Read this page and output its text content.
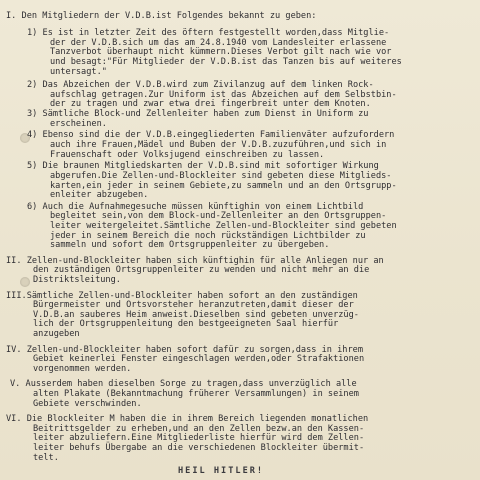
I. Den Mitgliedern der V.D.B.ist Folgendes bekannt zu geben:
1) Es ist in letzter Zeit des öftern festgestellt worden,dass Mitglie-
der der V.D.B.sich um das am 24.8.1940 vom Landesleiter erlassene
Tanzverbot überhaupt nicht kümmern.Dieses Verbot gilt nach wie vor
und besagt:"Für Mitglieder der V.D.B.ist das Tanzen bis auf weiteres
untersagt."
2) Das Abzeichen der V.D.B.wird zum Zivilanzug auf dem linken Rock-
aufschlag getragen.Zur Uniform ist das Abzeichen auf dem Selbstbin-
der zu tragen und zwar etwa drei fingerbreit unter dem Knoten.
3) Sämtliche Block-und Zellenleiter haben zum Dienst in Uniform zu
erscheinen.
4) Ebenso sind die der V.D.B.eingegliederten Familienväter aufzufordern
auch ihre Frauen,Mädel und Buben der V.D.B.zuzuführen,und sich in
Frauenschaft oder Volksjugend einschreiben zu lassen.
5) Die braunen Mitgliedskarten der V.D.B.sind mit sofortiger Wirkung
abgerufen.Die Zellen-und-Blockleiter sind gebeten diese Mitglieds-
karten,ein jeder in seinem Gebiete,zu sammeln und an den Ortsgrupp-
enleiter abzugeben.
6) Auch die Aufnahmegesuche müssen künftighin von einem Lichtbild
begleitet sein,von dem Block-und-Zellenleiter an den Ortsgruppen-
leiter weitergeleitet.Sämtliche Zellen-und-Blockleiter sind gebeten
jeder in seinem Bereich die noch rückständigen Lichtbilder zu
sammeln und sofort dem Ortsgruppenleiter zu übergeben.
II. Zellen-und-Blockleiter haben sich künftighin für alle Anliegen nur an
den zuständigen Ortsgruppenleiter zu wenden und nicht mehr an die
Distriktsleitung.
III.Sämtliche Zellen-und-Blockleiter haben sofort an den zuständigen
Bürgermeister und Ortsvorsteher heranzutreten,damit dieser der
V.D.B.an sauberes Heim anweist.Dieselben sind gebeten unverzüg-
lich der Ortsgruppenleitung den bestgeeigneten Saal hierfür
anzugeben
IV. Zellen-und-Blockleiter haben sofort dafür zu sorgen,dass in ihrem
Gebiet keinerlei Fenster eingeschlagen werden,oder Strafaktionen
vorgenommen werden.
V. Ausserdem haben dieselben Sorge zu tragen,dass unverzüglich alle
alten Plakate (Bekanntmachung früherer Versammlungen) in seinem
Gebiete verschwinden.
VI. Die Blockleiter M haben die in ihrem Bereich liegenden monatlichen
Beitrittsgelder zu erheben,und an den Zellen bezw.an den Kassen-
leiter abzuliefern.Eine Mitgliederliste hierfür wird dem Zellen-
leiter behufs Übergabe an die verschiedenen Blockleiter übermit-
telt.
HEIL HITLER!
